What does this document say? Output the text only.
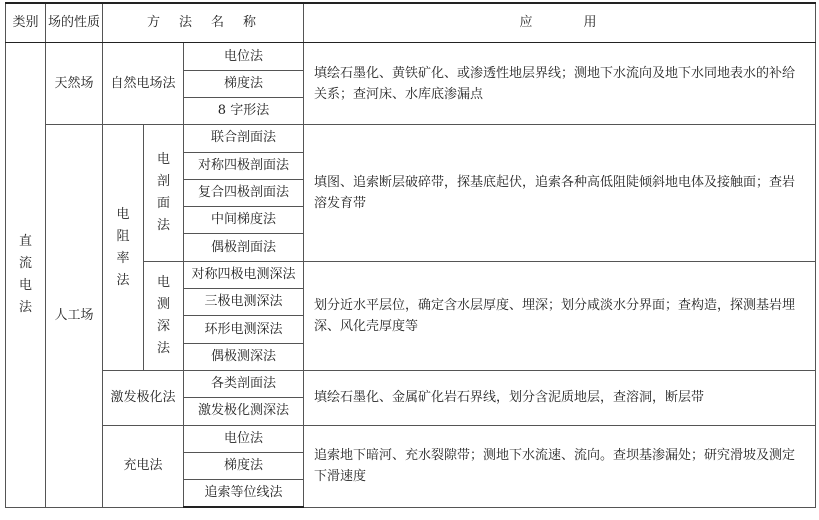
类别	场的性质	方　法　名　称			应　　　用
直流电法	天然场	自然电场法		电位法	填绘石墨化、黄铁矿化、或渗透性地层界线；测地下水流向及地下水同地表水的补给关系；查河床、水库底渗漏点
				梯度法	
				8 字形法	
	人工场	电阻率法	电剖面法	联合剖面法	填图、追索断层破碎带，探基底起伏，追索各种高低阻陡倾斜地电体及接触面；查岩溶发育带
				对称四极剖面法	
				复合四极剖面法	
				中间梯度法	
				偶极剖面法	
			电测深法	对称四极电测深法	划分近水平层位，确定含水层厚度、埋深；划分咸淡水分界面；查构造，探测基岩埋深、风化壳厚度等
				三极电测深法	
				环形电测深法	
				偶极测深法	
		激发极化法		各类剖面法	填绘石墨化、金属矿化岩石界线，划分含泥质地层，查溶洞，断层带
				激发极化测深法	
		充电法		电位法	追索地下暗河、充水裂隙带；测地下水流速、流向。查坝基渗漏处；研究滑坡及测定下滑速度
				梯度法	
				追索等位线法	
